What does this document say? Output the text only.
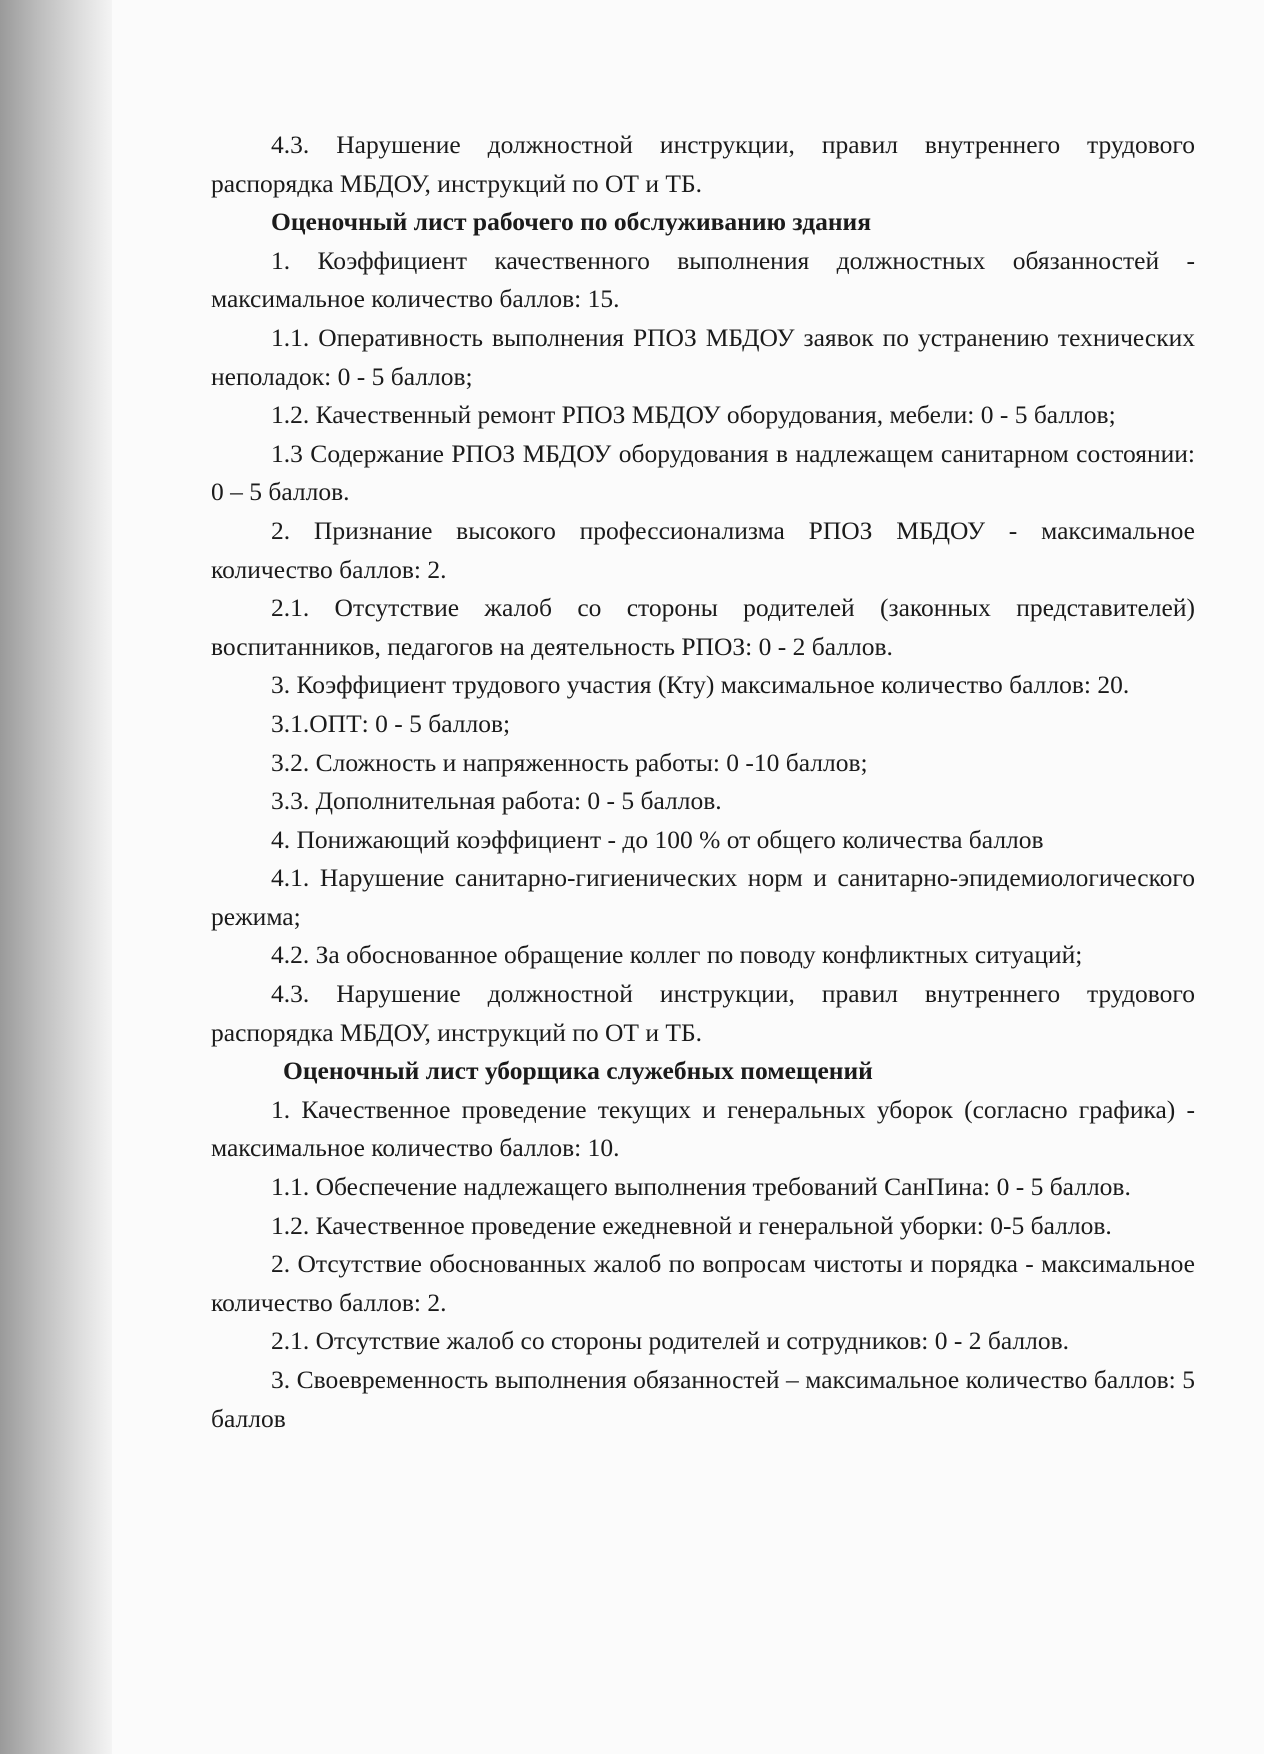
4.3. Нарушение должностной инструкции, правил внутреннего трудового распорядка МБДОУ, инструкций по ОТ и ТБ.

Оценочный лист рабочего по обслуживанию здания

1. Коэффициент качественного выполнения должностных обязанностей - максимальное количество баллов: 15.

1.1. Оперативность выполнения РПОЗ МБДОУ заявок по устранению технических неполадок: 0 - 5 баллов;

1.2. Качественный ремонт РПОЗ МБДОУ оборудования, мебели: 0 - 5 баллов;

1.3 Содержание РПОЗ МБДОУ оборудования в надлежащем санитарном состоянии: 0 – 5 баллов.

2. Признание высокого профессионализма РПОЗ МБДОУ - максимальное количество баллов: 2.

2.1. Отсутствие жалоб со стороны родителей (законных представителей) воспитанников, педагогов на деятельность РПОЗ: 0 - 2 баллов.

3. Коэффициент трудового участия (Кту) максимальное количество баллов: 20.

3.1.ОПТ: 0 - 5 баллов;

3.2. Сложность и напряженность работы: 0 -10 баллов;

3.3. Дополнительная работа: 0 - 5 баллов.

4. Понижающий коэффициент - до 100 % от общего количества баллов

4.1. Нарушение санитарно-гигиенических норм и санитарно-эпидемиологического режима;

4.2. За обоснованное обращение коллег по поводу конфликтных ситуаций;

4.3. Нарушение должностной инструкции, правил внутреннего трудового распорядка МБДОУ, инструкций по ОТ и ТБ.

Оценочный лист уборщика служебных помещений

1. Качественное проведение текущих и генеральных уборок (согласно графика) - максимальное количество баллов: 10.

1.1. Обеспечение надлежащего выполнения требований СанПина: 0 - 5 баллов.

1.2. Качественное проведение ежедневной и генеральной уборки: 0-5 баллов.

2. Отсутствие обоснованных жалоб по вопросам чистоты и порядка - максимальное количество баллов: 2.

2.1. Отсутствие жалоб со стороны родителей и сотрудников: 0 - 2 баллов.

3. Своевременность выполнения обязанностей – максимальное количество баллов: 5 баллов
